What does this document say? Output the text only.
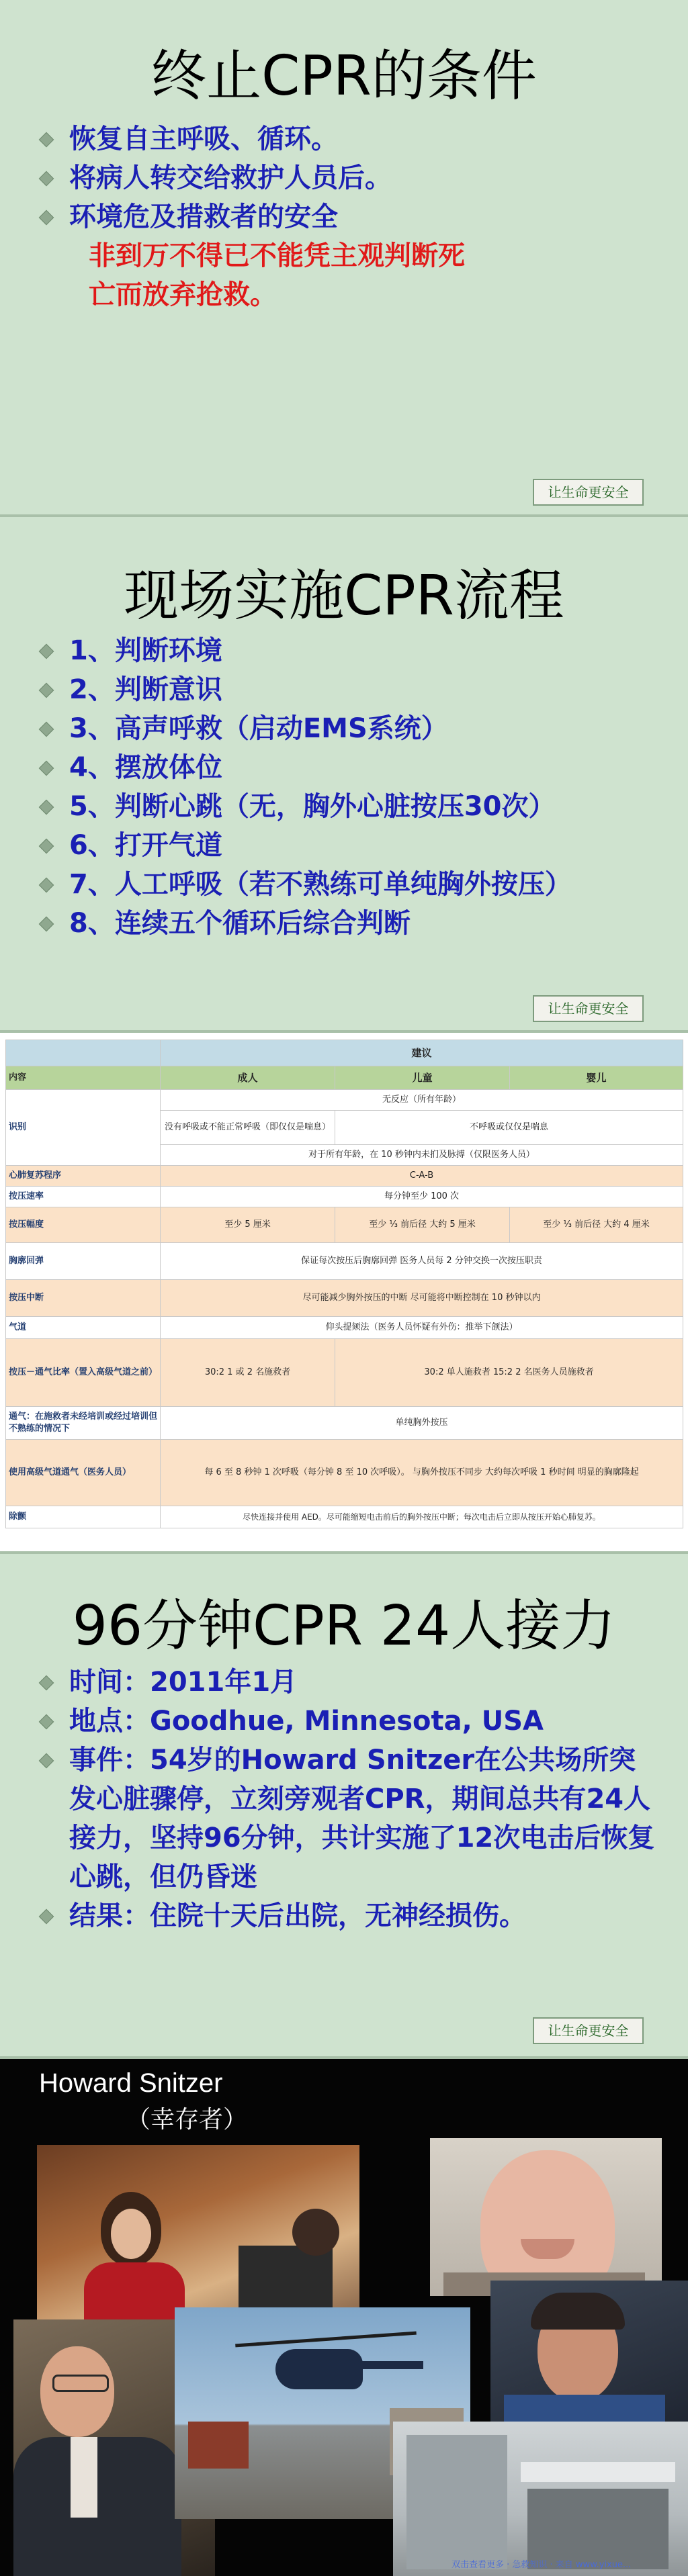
终止CPR的条件
恢复自主呼吸、循环。
将病人转交给救护人员后。
环境危及措救者的安全
非到万不得已不能凭主观判断死
亡而放弃抢救。
让生命更安全
现场实施CPR流程
1、判断环境
2、判断意识
3、高声呼救（启动EMS系统）
4、摆放体位
5、判断心跳（无，胸外心脏按压30次）
6、打开气道
7、人工呼吸（若不熟练可单纯胸外按压）
8、连续五个循环后综合判断
让生命更安全
	建议		
内容	成人	儿童	婴儿
识别	无反应（所有年龄）		
	没有呼吸或不能正常呼吸（即仅仅是喘息）	不呼吸或仅仅是喘息	
	对于所有年龄，在 10 秒钟内未扪及脉搏（仅限医务人员）		
心肺复苏程序	C-A-B		
按压速率	每分钟至少 100 次		
按压幅度	至少 5 厘米	至少 ⅓ 前后径 大约 5 厘米	至少 ⅓ 前后径 大约 4 厘米
胸廓回弹	保证每次按压后胸廓回弹 医务人员每 2 分钟交换一次按压职责		
按压中断	尽可能减少胸外按压的中断 尽可能将中断控制在 10 秒钟以内		
气道	仰头提颏法（医务人员怀疑有外伤：推举下颌法）		
按压－通气比率（置入高级气道之前）	30:2 1 或 2 名施救者	30:2 单人施救者 15:2 2 名医务人员施救者	
通气：在施救者未经培训或经过培训但不熟练的情况下	单纯胸外按压		
使用高级气道通气（医务人员）	每 6 至 8 秒钟 1 次呼吸（每分钟 8 至 10 次呼吸）。 与胸外按压不同步 大约每次呼吸 1 秒时间 明显的胸廓隆起		
除颤	尽快连接并使用 AED。尽可能缩短电击前后的胸外按压中断；每次电击后立即从按压开始心肺复苏。		
96分钟CPR 24人接力
时间：2011年1月
地点：Goodhue, Minnesota, USA
事件：54岁的Howard Snitzer在公共场所突发心脏骤停，立刻旁观者CPR，期间总共有24人接力，坚持96分钟，共计实施了12次电击后恢复心跳，但仍昏迷
结果：住院十天后出院，无神经损伤。
让生命更安全
Howard Snitzer
（幸存者）
双击查看更多 · 急救知识 · 来自 www.yixue...
